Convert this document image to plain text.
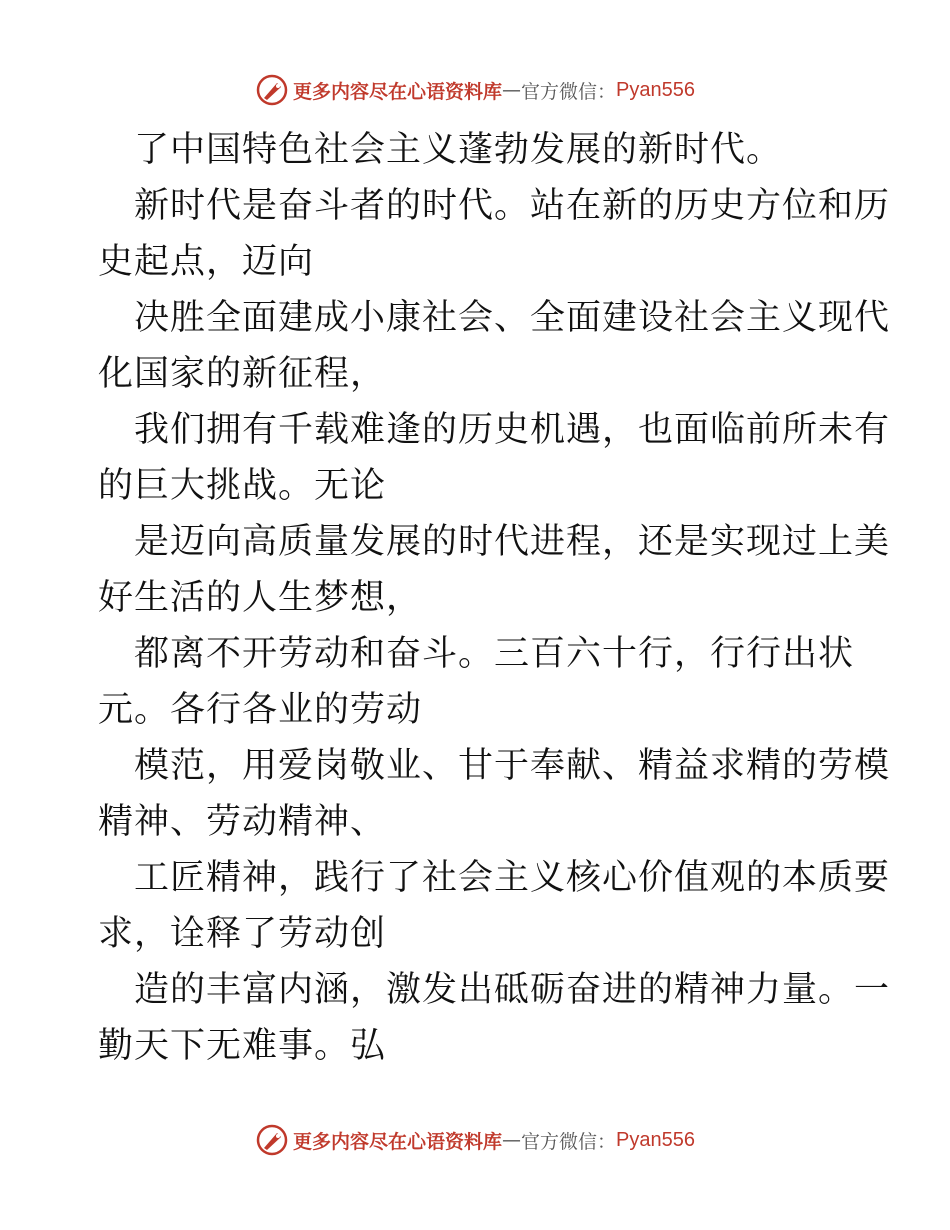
更多内容尽在心语资料库 — 官方微信： Pyan556
了中国特色社会主义蓬勃发展的新时代。
新时代是奋斗者的时代。站在新的历史方位和历
史起点，迈向
决胜全面建成小康社会、全面建设社会主义现代
化国家的新征程，
我们拥有千载难逢的历史机遇，也面临前所未有
的巨大挑战。无论
是迈向高质量发展的时代进程，还是实现过上美
好生活的人生梦想，
都离不开劳动和奋斗。三百六十行，行行出状
元。各行各业的劳动
模范，用爱岗敬业、甘于奉献、精益求精的劳模
精神、劳动精神、
工匠精神，践行了社会主义核心价值观的本质要
求，诠释了劳动创
造的丰富内涵，激发出砥砺奋进的精神力量。一
勤天下无难事。弘
更多内容尽在心语资料库 — 官方微信： Pyan556
